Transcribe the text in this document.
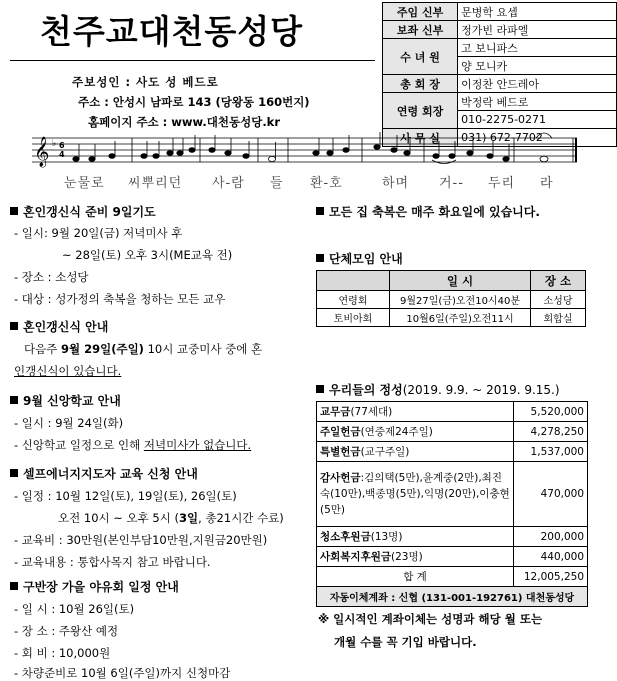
천주교대천동성당
주보성인 : 사도 성 베드로
주소 : 안성시 남파로 143 (당왕동 160번지)
홈페이지 주소 : www.대천동성당.kr
주임 신부	문병학 요셉
보좌 신부	정가빈 라파엘
수 녀 원	고 보니파스
	양 모니카
총 회 장	이정찬 안드레아
연령 회장	박정락 베드로
	010-2275-0271
사 무 실	031) 672-7702
𝄞 ♭ 6
4
눈물로 씨뿌리던 사-람 들 환-호	하며 거-- 두리 라
혼인갱신식 준비 9일기도
- 일시: 9월 20일(금) 저녁미사 후
~ 28일(토) 오후 3시(ME교육 전)
- 장소 : 소성당
- 대상 : 성가정의 축복을 청하는 모든 교우
혼인갱신식 안내
다음주 9월 29일(주일) 10시 교중미사 중에 혼
인갱신식이 있습니다.
9월 신앙학교 안내
- 일시 : 9월 24일(화)
- 신앙학교 일정으로 인해 저녁미사가 없습니다.
셀프에너지지도자 교육 신청 안내
- 일정 : 10월 12일(토), 19일(토), 26일(토)
오전 10시 ~ 오후 5시 (3일, 총21시간 수료)
- 교육비 : 30만원(본인부담10만원,지원금20만원)
- 교육내용 : 통합사목지 참고 바랍니다.
구반장 가을 야유회 일정 안내
- 일 시 : 10월 26일(토)
- 장 소 : 주왕산 예정
- 회 비 : 10,000원
- 차량준비로 10월 6일(주일)까지 신청마감
모든 집 축복은 매주 화요일에 있습니다.
단체모임 안내
	일 시	장 소
연령회	9월27일(금)오전10시40분	소성당
토비아회	10월6일(주일)오전11시	회합실
우리들의 정성(2019. 9.9. ~ 2019. 9.15.)
교무금(77세대)	5,520,000
주일헌금(연중제24주일)	4,278,250
특별헌금(교구주일)	1,537,000
감사헌금:김의택(5만),윤계중(2만),최진숙(10만),백종명(5만),익명(20만),이충현(5만)	470,000
청소후원금(13명)	200,000
사회복지후원금(23명)	440,000
합 계	12,005,250
자동이체계좌 : 신협 (131-001-192761) 대천동성당	
※ 일시적인 계좌이체는 성명과 해당 월 또는
개월 수를 꼭 기입 바랍니다.
